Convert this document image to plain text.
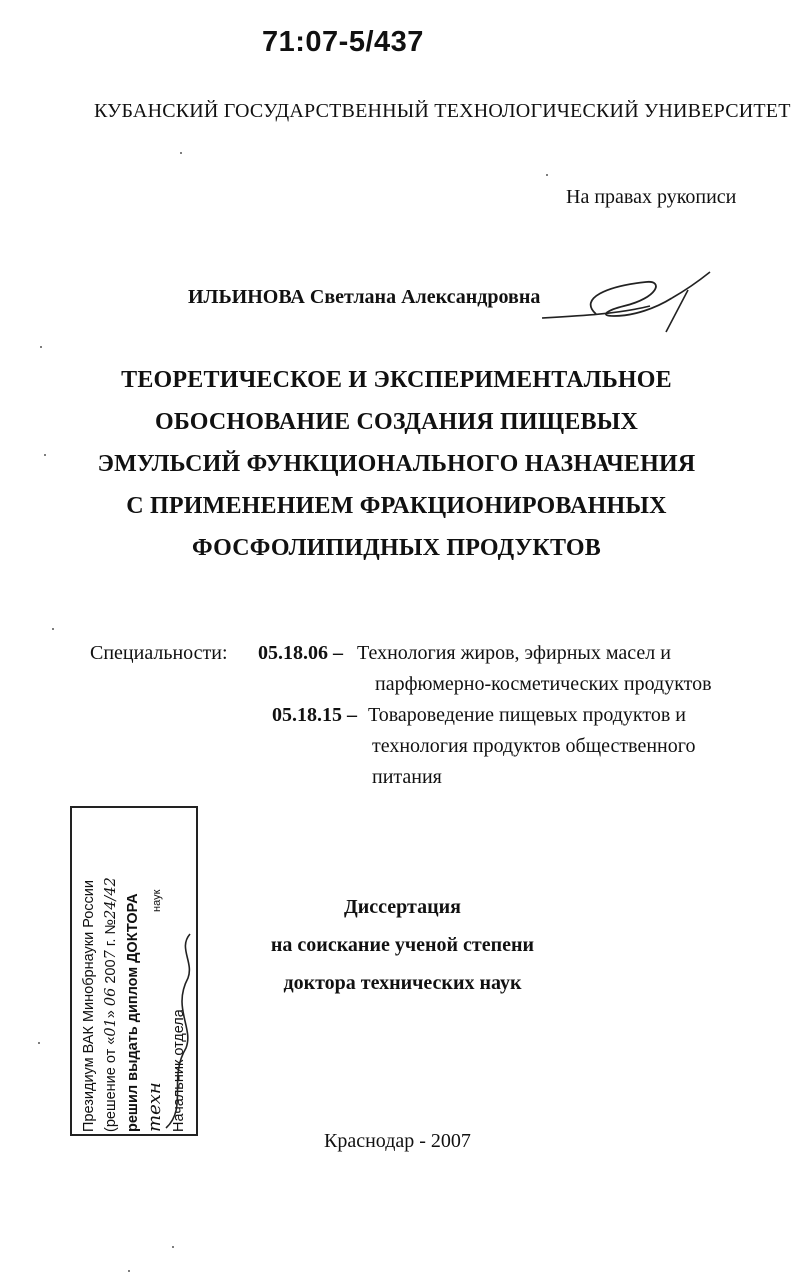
71:07-5/437
КУБАНСКИЙ ГОСУДАРСТВЕННЫЙ ТЕХНОЛОГИЧЕСКИЙ УНИВЕРСИТЕТ
На правах рукописи
ИЛЬИНОВА Светлана Александровна
ТЕОРЕТИЧЕСКОЕ И ЭКСПЕРИМЕНТАЛЬНОЕ
ОБОСНОВАНИЕ СОЗДАНИЯ ПИЩЕВЫХ
ЭМУЛЬСИЙ ФУНКЦИОНАЛЬНОГО НАЗНАЧЕНИЯ
С ПРИМЕНЕНИЕМ ФРАКЦИОНИРОВАННЫХ
ФОСФОЛИПИДНЫХ ПРОДУКТОВ
Специальности: 05.18.06 – Технология жиров, эфирных масел и
парфюмерно-косметических продуктов
05.18.15 – Товароведение пищевых продуктов и
технология продуктов общественного
питания
Диссертация
на соискание ученой степени
доктора технических наук
Краснодар - 2007
Президиум ВАК Минобрнауки России (решение от «01» 06 2007 г. №24/42 решил выдать диплом ДОКТОРА техннаук
Начальник отдела
